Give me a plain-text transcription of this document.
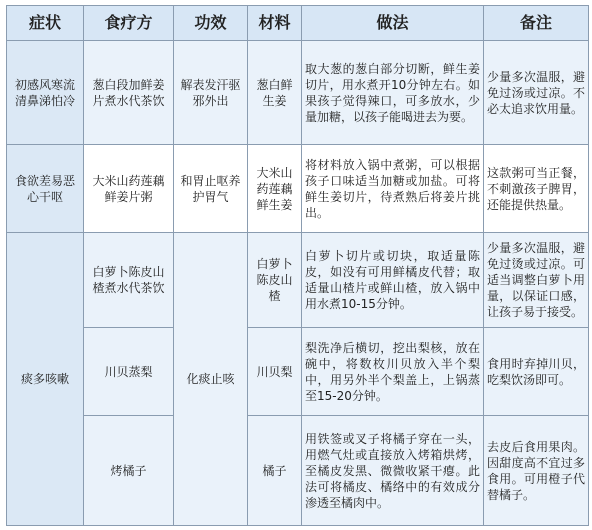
症状	食疗方	功效	材料	做法	备注
初感风寒流清鼻涕怕冷	葱白段加鲜姜片煮水代茶饮	解表发汗驱邪外出	葱白鲜生姜	取大葱的葱白部分切断，鲜生姜切片，用水煮开10分钟左右。如果孩子觉得辣口，可多放水，少量加糖，以孩子能喝进去为要。	少量多次温服，避免过汤或过凉。不必太追求饮用量。
食欲差易恶心干呕	大米山药莲藕鲜姜片粥	和胃止呕养护胃气	大米山药莲藕鲜生姜	将材料放入锅中煮粥，可以根据孩子口味适当加糖或加盐。可将鲜生姜切片，待煮熟后将姜片挑出。	这款粥可当正餐，不刺激孩子脾胃，还能提供热量。
痰多咳嗽	白萝卜陈皮山楂煮水代茶饮	化痰止咳	白萝卜陈皮山楂	白萝卜切片或切块，取适量陈皮，如没有可用鲜橘皮代替；取适量山楂片或鲜山楂，放入锅中用水煮10-15分钟。	少量多次温服，避免过烫或过凉。可适当调整白萝卜用量，以保证口感，让孩子易于接受。
	川贝蒸梨		川贝梨	梨洗净后横切，挖出梨核，放在碗中，将数枚川贝放入半个梨中，用另外半个梨盖上，上锅蒸至15-20分钟。	食用时弃掉川贝，吃梨饮汤即可。
	烤橘子		橘子	用铁签或叉子将橘子穿在一头，用燃气灶或直接放入烤箱烘烤，至橘皮发黑、微微收紧干瘪。此法可将橘皮、橘络中的有效成分渗透至橘肉中。	去皮后食用果肉。因甜度高不宜过多食用。可用橙子代替橘子。
